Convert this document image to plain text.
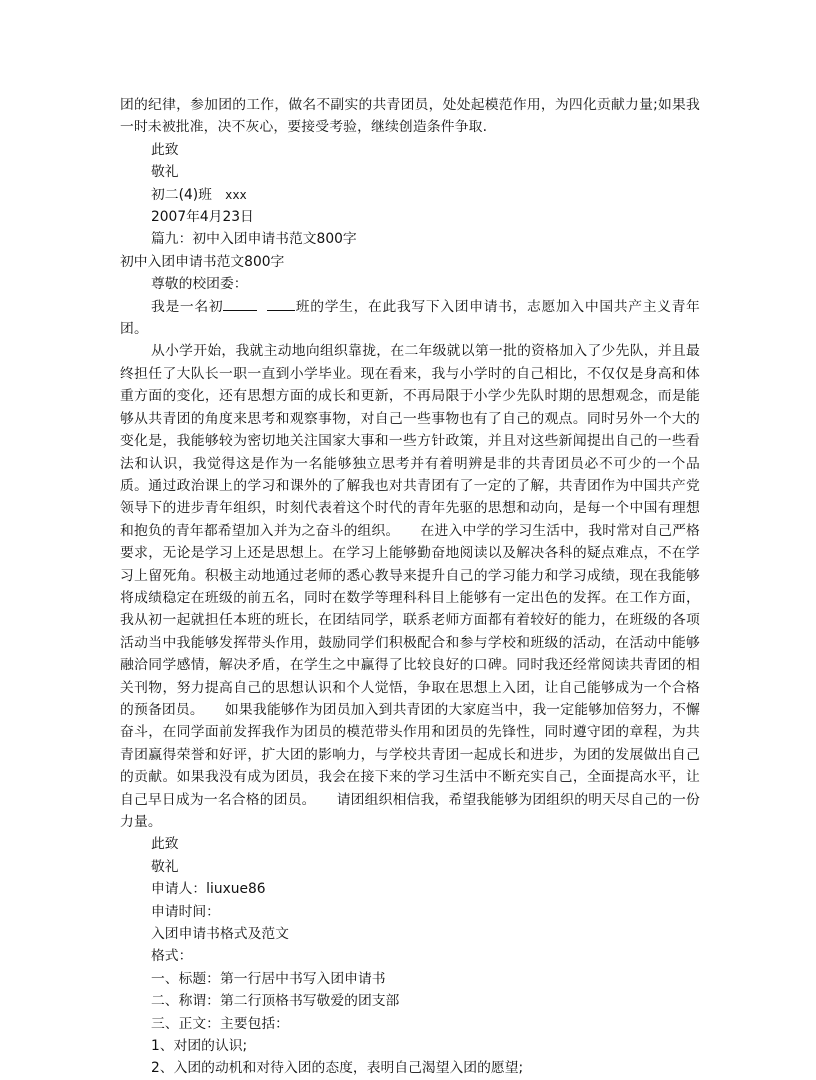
团的纪律，参加团的工作，做名不副实的共青团员，处处起模范作用，为四化贡献力量;如果我一时未被批准，决不灰心，要接受考验，继续创造条件争取.

此致

敬礼

初二(4)班 xxx

2007年4月23日

篇九：初中入团申请书范文800字

初中入团申请书范文800字

尊敬的校团委：

我是一名初	班的学生，在此我写下入团申请书，志愿加入中国共产主义青年团。

从小学开始，我就主动地向组织靠拢，在二年级就以第一批的资格加入了少先队，并且最终担任了大队长一职一直到小学毕业。现在看来，我与小学时的自己相比，不仅仅是身高和体重方面的变化，还有思想方面的成长和更新，不再局限于小学少先队时期的思想观念，而是能够从共青团的角度来思考和观察事物，对自己一些事物也有了自己的观点。同时另外一个大的变化是，我能够较为密切地关注国家大事和一些方针政策，并且对这些新闻提出自己的一些看法和认识，我觉得这是作为一名能够独立思考并有着明辨是非的共青团员必不可少的一个品质。通过政治课上的学习和课外的了解我也对共青团有了一定的了解，共青团作为中国共产党领导下的进步青年组织，时刻代表着这个时代的青年先驱的思想和动向，是每一个中国有理想和抱负的青年都希望加入并为之奋斗的组织。　　在进入中学的学习生活中，我时常对自己严格要求，无论是学习上还是思想上。在学习上能够勤奋地阅读以及解决各科的疑点难点，不在学习上留死角。积极主动地通过老师的悉心教导来提升自己的学习能力和学习成绩，现在我能够将成绩稳定在班级的前五名，同时在数学等理科科目上能够有一定出色的发挥。在工作方面，我从初一起就担任本班的班长，在团结同学，联系老师方面都有着较好的能力，在班级的各项活动当中我能够发挥带头作用，鼓励同学们积极配合和参与学校和班级的活动，在活动中能够融洽同学感情，解决矛盾，在学生之中赢得了比较良好的口碑。同时我还经常阅读共青团的相关刊物，努力提高自己的思想认识和个人觉悟，争取在思想上入团，让自己能够成为一个合格的预备团员。　　如果我能够作为团员加入到共青团的大家庭当中，我一定能够加倍努力，不懈奋斗，在同学面前发挥我作为团员的模范带头作用和团员的先锋性，同时遵守团的章程，为共青团赢得荣誉和好评，扩大团的影响力，与学校共青团一起成长和进步，为团的发展做出自己的贡献。如果我没有成为团员，我会在接下来的学习生活中不断充实自己，全面提高水平，让自己早日成为一名合格的团员。　　请团组织相信我，希望我能够为团组织的明天尽自己的一份力量。

此致

敬礼

申请人：liuxue86

申请时间：

入团申请书格式及范文

格式：

一、标题：第一行居中书写入团申请书

二、称谓：第二行顶格书写敬爱的团支部

三、正文：主要包括：

1、对团的认识;

2、入团的动机和对待入团的态度，表明自己渴望入团的愿望;
